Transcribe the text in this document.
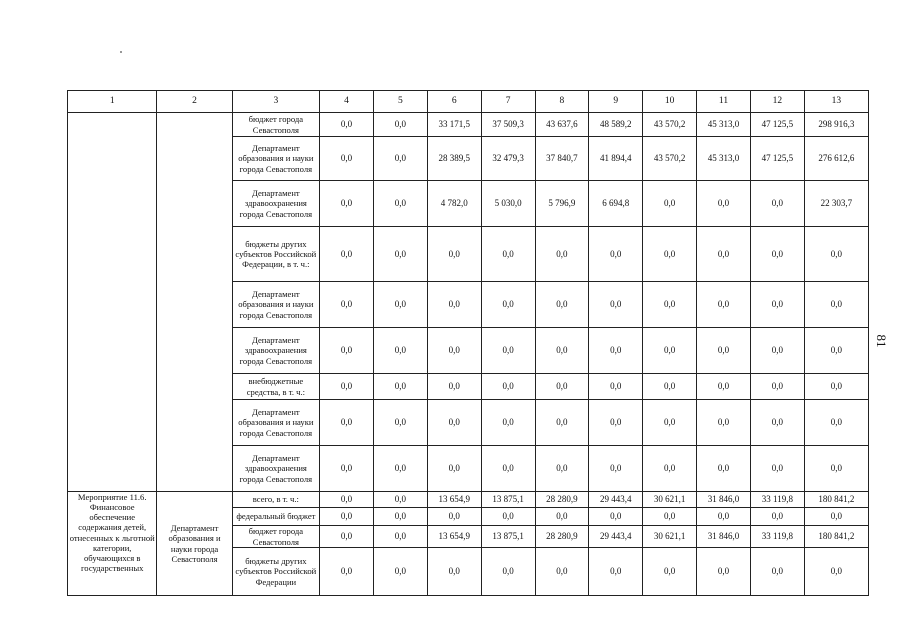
81
1	2	3	4	5	6	7	8	9	10	11	12	13
		бюджет города Севастополя	0,0	0,0	33 171,5	37 509,3	43 637,6	48 589,2	43 570,2	45 313,0	47 125,5	298 916,3
		Департамент образования и науки города Севастополя	0,0	0,0	28 389,5	32 479,3	37 840,7	41 894,4	43 570,2	45 313,0	47 125,5	276 612,6
		Департамент здравоохранения города Севастополя	0,0	0,0	4 782,0	5 030,0	5 796,9	6 694,8	0,0	0,0	0,0	22 303,7
		бюджеты других субъектов Российской Федерации, в т. ч.:	0,0	0,0	0,0	0,0	0,0	0,0	0,0	0,0	0,0	0,0
		Департамент образования и науки города Севастополя	0,0	0,0	0,0	0,0	0,0	0,0	0,0	0,0	0,0	0,0
		Департамент здравоохранения города Севастополя	0,0	0,0	0,0	0,0	0,0	0,0	0,0	0,0	0,0	0,0
		внебюджетные средства, в т. ч.:	0,0	0,0	0,0	0,0	0,0	0,0	0,0	0,0	0,0	0,0
		Департамент образования и науки города Севастополя	0,0	0,0	0,0	0,0	0,0	0,0	0,0	0,0	0,0	0,0
		Департамент здравоохранения города Севастополя	0,0	0,0	0,0	0,0	0,0	0,0	0,0	0,0	0,0	0,0
Мероприятие 11.6. Финансовое обеспечение содержания детей, отнесенных к льготной категории, обучающихся в государственных	Департамент образования и науки города Севастополя	всего, в т. ч.:	0,0	0,0	13 654,9	13 875,1	28 280,9	29 443,4	30 621,1	31 846,0	33 119,8	180 841,2
		федеральный бюджет	0,0	0,0	0,0	0,0	0,0	0,0	0,0	0,0	0,0	0,0
		бюджет города Севастополя	0,0	0,0	13 654,9	13 875,1	28 280,9	29 443,4	30 621,1	31 846,0	33 119,8	180 841,2
		бюджеты других субъектов Российской Федерации	0,0	0,0	0,0	0,0	0,0	0,0	0,0	0,0	0,0	0,0
